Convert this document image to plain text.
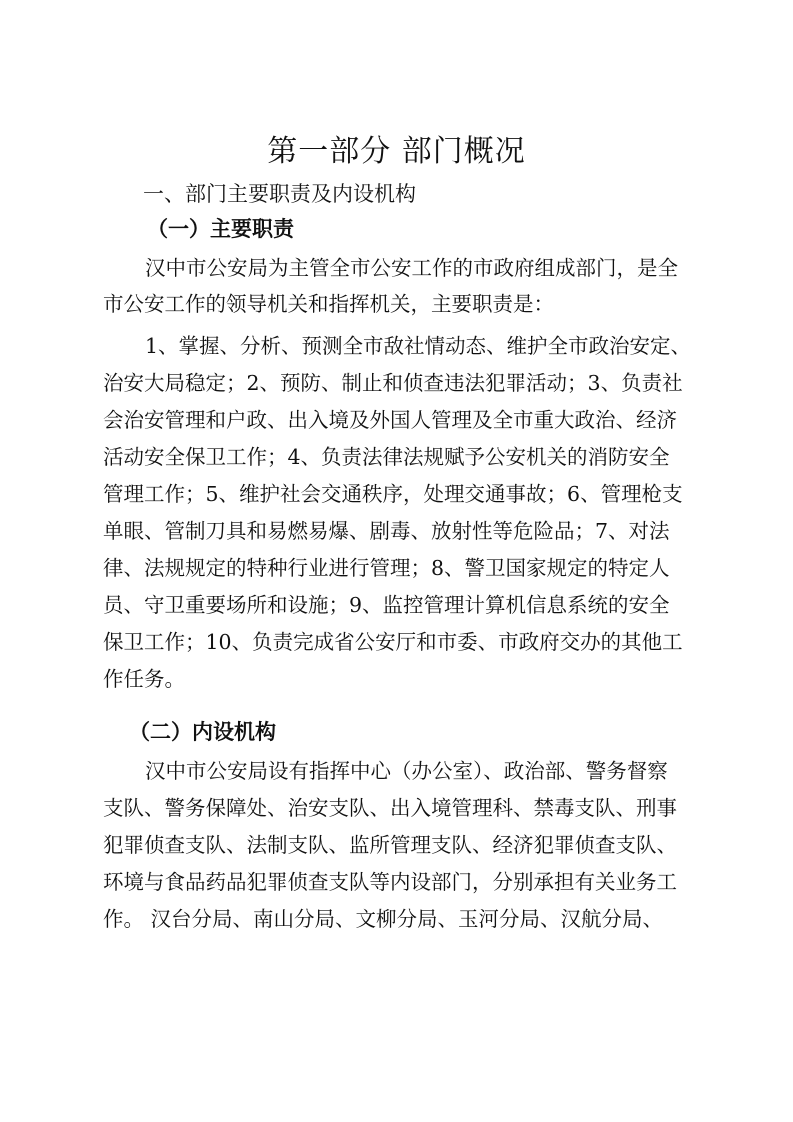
第一部分 部门概况
一、部门主要职责及内设机构
（一）主要职责
汉中市公安局为主管全市公安工作的市政府组成部门，是全
市公安工作的领导机关和指挥机关，主要职责是：
1、掌握、分析、预测全市敌社情动态、维护全市政治安定、
治安大局稳定；2、预防、制止和侦查违法犯罪活动；3、负责社
会治安管理和户政、出入境及外国人管理及全市重大政治、经济
活动安全保卫工作；4、负责法律法规赋予公安机关的消防安全
管理工作；5、维护社会交通秩序，处理交通事故；6、管理枪支
单眼、管制刀具和易燃易爆、剧毒、放射性等危险品；7、对法
律、法规规定的特种行业进行管理；8、警卫国家规定的特定人
员、守卫重要场所和设施；9、监控管理计算机信息系统的安全
保卫工作；10、负责完成省公安厅和市委、市政府交办的其他工
作任务。
（二）内设机构
汉中市公安局设有指挥中心（办公室）、政治部、警务督察
支队、警务保障处、治安支队、出入境管理科、禁毒支队、刑事
犯罪侦查支队、法制支队、监所管理支队、经济犯罪侦查支队、
环境与食品药品犯罪侦查支队等内设部门，分别承担有关业务工
作。 汉台分局、南山分局、文柳分局、玉河分局、汉航分局、
